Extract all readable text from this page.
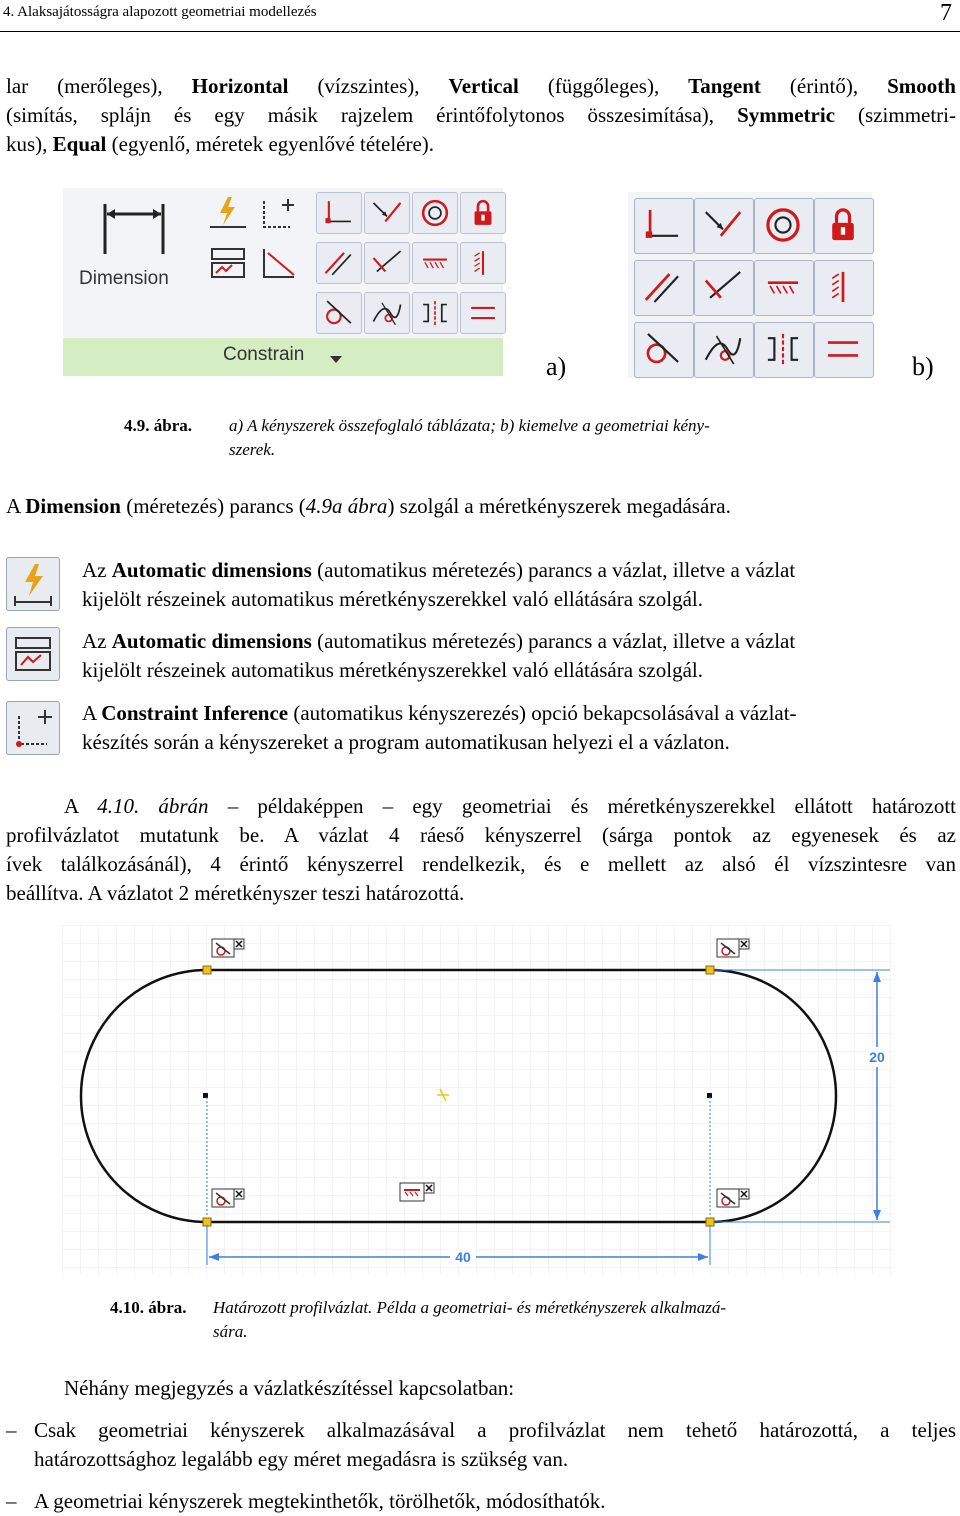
4. Alaksajátosságra alapozott geometriai modellezés	7

lar (merőleges), Horizontal (vízszintes), Vertical (függőleges), Tangent (érintő), Smooth

(simítás, splájn és egy másik rajzelem érintőfolytonos összesimítása), Symmetric (szimmetri-

kus), Equal (egyenlő, méretek egyenlővé tételére).

Dimension
Constrain	a)	b)
4.9. ábra. a) A kényszerek összefoglaló táblázata; b) kiemelve a geometriai kény-
szerek.

A Dimension (méretezés) parancs (4.9a ábra) szolgál a méretkényszerek megadására.

Az Automatic dimensions (automatikus méretezés) parancs a vázlat, illetve a vázlat

kijelölt részeinek automatikus méretkényszerekkel való ellátására szolgál.

Az Automatic dimensions (automatikus méretezés) parancs a vázlat, illetve a vázlat

kijelölt részeinek automatikus méretkényszerekkel való ellátására szolgál.

A Constraint Inference (automatikus kényszerezés) opció bekapcsolásával a vázlat-

készítés során a kényszereket a program automatikusan helyezi el a vázlaton.

A 4.10. ábrán – példaképpen – egy geometriai és méretkényszerekkel ellátott határozott

profilvázlatot mutatunk be. A vázlat 4 ráeső kényszerrel (sárga pontok az egyenesek és az

ívek találkozásánál), 4 érintő kényszerrel rendelkezik, és e mellett az alsó él vízszintesre van

beállítva. A vázlatot 2 méretkényszer teszi határozottá.

20
40
4.10. ábra. Határozott profilvázlat. Példa a geometriai- és méretkényszerek alkalmazá-
sára.

Néhány megjegyzés a vázlatkészítéssel kapcsolatban:

– Csak geometriai kényszerek alkalmazásával a profilvázlat nem tehető határozottá, a teljes

határozottsághoz legalább egy méret megadásra is szükség van.

– A geometriai kényszerek megtekinthetők, törölhetők, módosíthatók.
